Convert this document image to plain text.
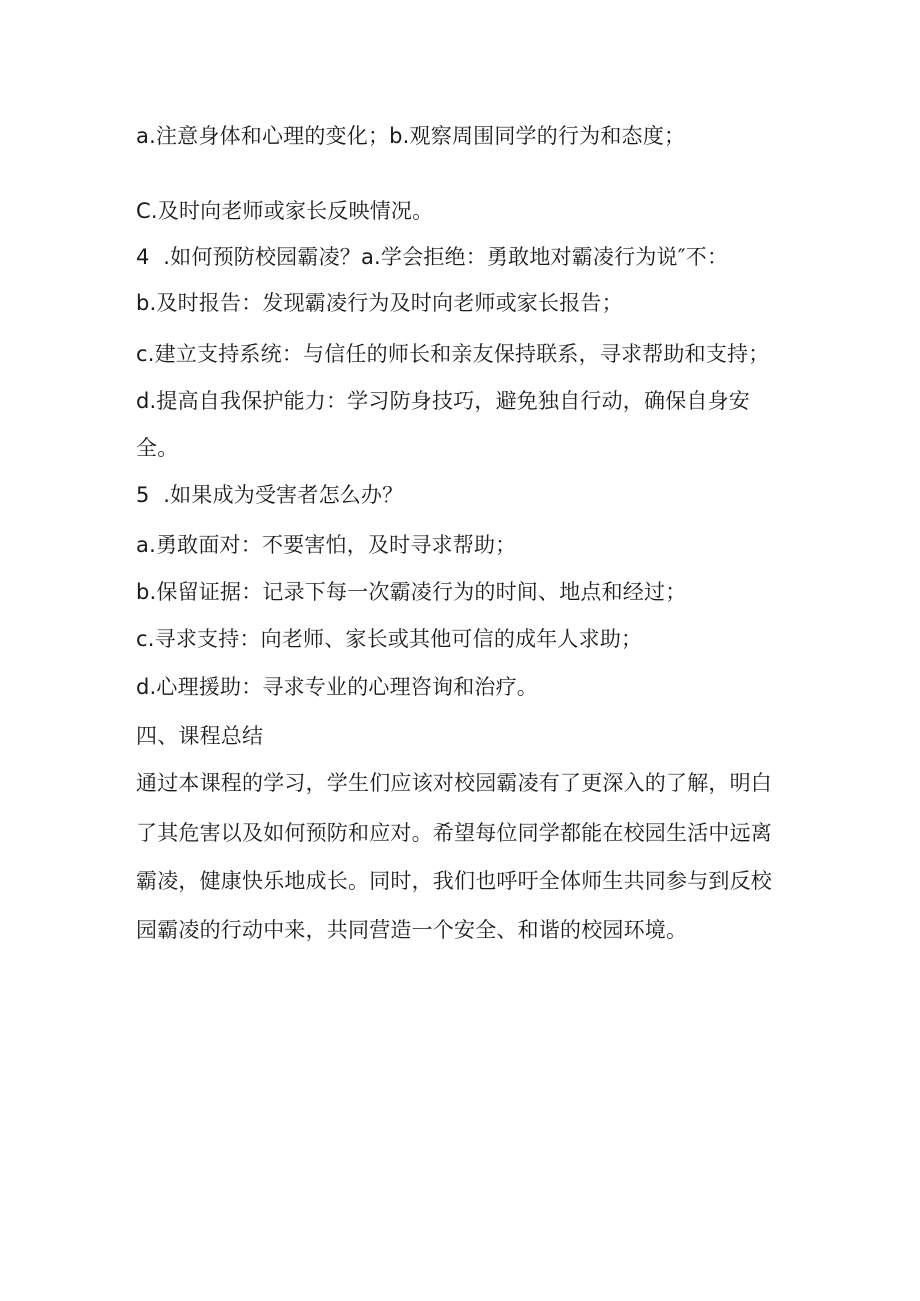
a.注意身体和心理的变化；b.观察周围同学的行为和态度；
C.及时向老师或家长反映情况。
4  .如何预防校园霸凌？a.学会拒绝：勇敢地对霸凌行为说″不：
b.及时报告：发现霸凌行为及时向老师或家长报告；
c.建立支持系统：与信任的师长和亲友保持联系，寻求帮助和支持；
d.提高自我保护能力：学习防身技巧，避免独自行动，确保自身安
全。
5  .如果成为受害者怎么办？
a.勇敢面对：不要害怕，及时寻求帮助；
b.保留证据：记录下每一次霸凌行为的时间、地点和经过；
c.寻求支持：向老师、家长或其他可信的成年人求助；
d.心理援助：寻求专业的心理咨询和治疗。
四、课程总结
通过本课程的学习，学生们应该对校园霸凌有了更深入的了解，明白
了其危害以及如何预防和应对。希望每位同学都能在校园生活中远离
霸凌，健康快乐地成长。同时，我们也呼吁全体师生共同参与到反校
园霸凌的行动中来，共同营造一个安全、和谐的校园环境。
